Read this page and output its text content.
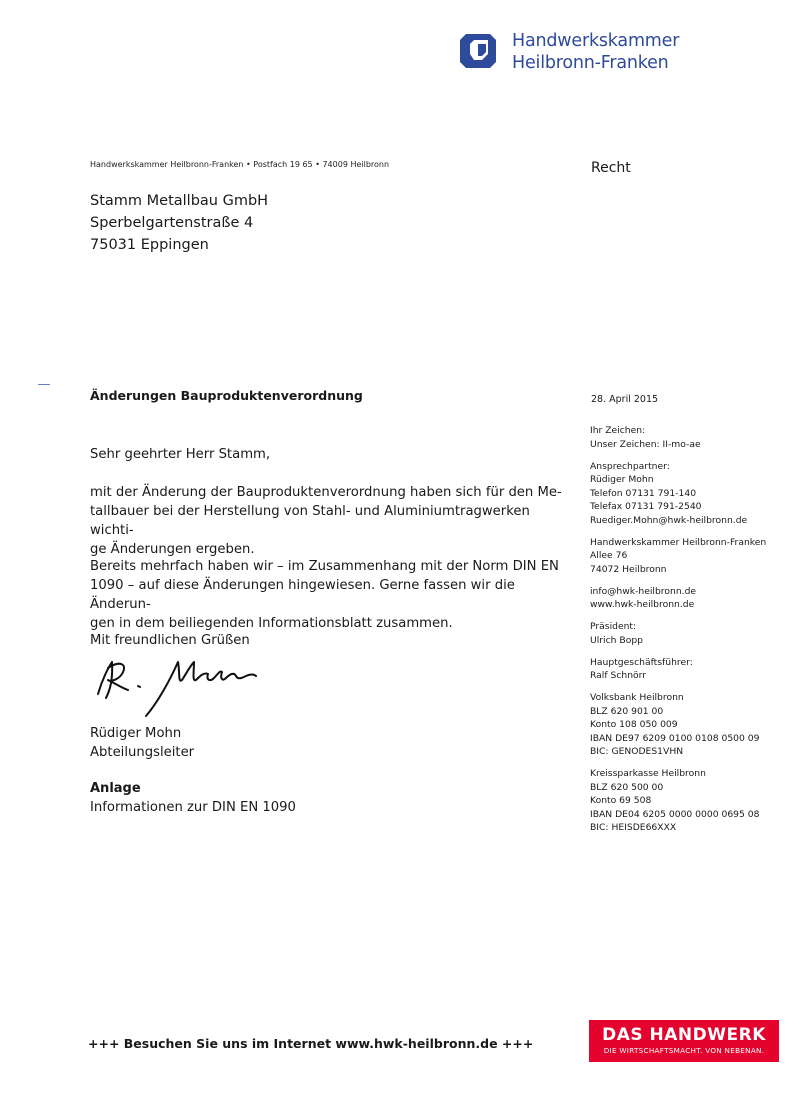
Handwerkskammer
Heilbronn-Franken
Handwerkskammer Heilbronn-Franken • Postfach 19 65 • 74009 Heilbronn	Recht
Stamm Metallbau GmbH
Sperbelgartenstraße 4
75031 Eppingen
Änderungen Bauproduktenverordnung	28. April 2015
Sehr geehrter Herr Stamm,
mit der Änderung der Bauproduktenverordnung haben sich für den Me-
tallbauer bei der Herstellung von Stahl- und Aluminiumtragwerken wichti-
ge Änderungen ergeben.
Bereits mehrfach haben wir – im Zusammenhang mit der Norm DIN EN
1090 – auf diese Änderungen hingewiesen. Gerne fassen wir die Änderun-
gen in dem beiliegenden Informationsblatt zusammen.
Mit freundlichen Grüßen
Rüdiger Mohn
Abteilungsleiter
Anlage
Informationen zur DIN EN 1090
Ihr Zeichen:
Unser Zeichen: II-mo-ae
Ansprechpartner:
Rüdiger Mohn
Telefon 07131 791-140
Telefax 07131 791-2540
Ruediger.Mohn@hwk-heilbronn.de
Handwerkskammer Heilbronn-Franken
Allee 76
74072 Heilbronn
info@hwk-heilbronn.de
www.hwk-heilbronn.de
Präsident:
Ulrich Bopp
Hauptgeschäftsführer:
Ralf Schnörr
Volksbank Heilbronn
BLZ 620 901 00
Konto 108 050 009
IBAN DE97 6209 0100 0108 0500 09
BIC: GENODES1VHN
Kreissparkasse Heilbronn
BLZ 620 500 00
Konto 69 508
IBAN DE04 6205 0000 0000 0695 08
BIC: HEISDE66XXX
+++ Besuchen Sie uns im Internet www.hwk-heilbronn.de +++	DAS HANDWERK
DIE WIRTSCHAFTSMACHT. VON NEBENAN.
